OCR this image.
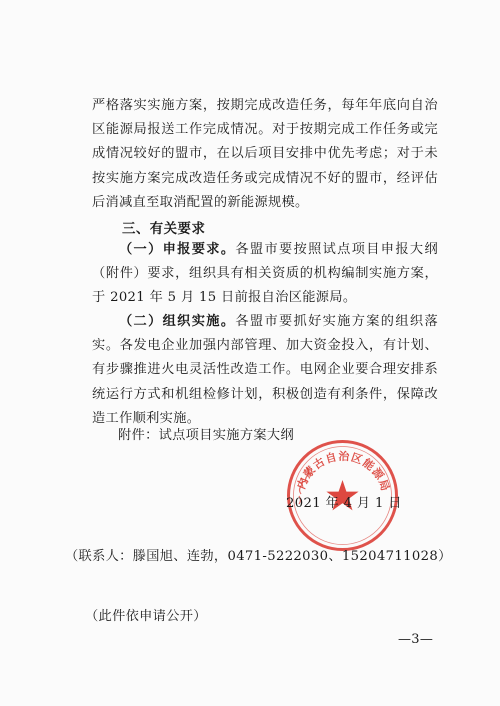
严格落实实施方案，按期完成改造任务，每年年底向自治区能源局报送工作完成情况。对于按期完成工作任务或完成情况较好的盟市，在以后项目安排中优先考虑；对于未按实施方案完成改造任务或完成情况不好的盟市，经评估后消减直至取消配置的新能源规模。
三、有关要求
（一）申报要求。各盟市要按照试点项目申报大纲（附件）要求，组织具有相关资质的机构编制实施方案，于 2021 年 5 月 15 日前报自治区能源局。
（二）组织实施。各盟市要抓好实施方案的组织落实。各发电企业加强内部管理、加大资金投入，有计划、有步骤推进火电灵活性改造工作。电网企业要合理安排系统运行方式和机组检修计划，积极创造有利条件，保障改造工作顺利实施。
附件：试点项目实施方案大纲
内蒙古自治区能源局
2021 年 4 月 1 日
（联系人：滕国旭、连勃，0471-5222030、15204711028）
（此件依申请公开）
—3—
